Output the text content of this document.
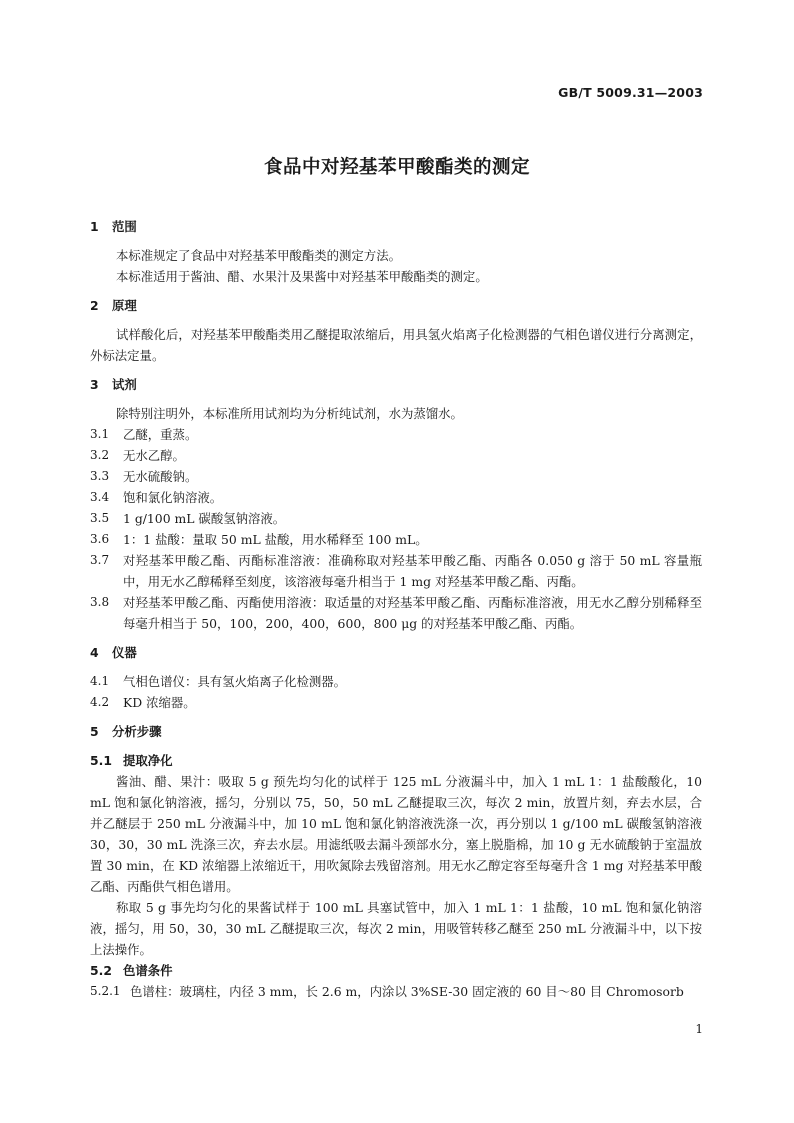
GB/T 5009.31—2003
食品中对羟基苯甲酸酯类的测定
1 范围

本标准规定了食品中对羟基苯甲酸酯类的测定方法。

本标准适用于酱油、醋、水果汁及果酱中对羟基苯甲酸酯类的测定。

2 原理

试样酸化后，对羟基苯甲酸酯类用乙醚提取浓缩后，用具氢火焰离子化检测器的气相色谱仪进行分离测定，外标法定量。

3 试剂

除特别注明外，本标准所用试剂均为分析纯试剂，水为蒸馏水。

3.1	乙醚，重蒸。
3.2	无水乙醇。
3.3	无水硫酸钠。
3.4	饱和氯化钠溶液。
3.5	1 g/100 mL 碳酸氢钠溶液。
3.6	1：1 盐酸：量取 50 mL 盐酸，用水稀释至 100 mL。
3.7	对羟基苯甲酸乙酯、丙酯标准溶液：准确称取对羟基苯甲酸乙酯、丙酯各 0.050 g 溶于 50 mL 容量瓶中，用无水乙醇稀释至刻度，该溶液每毫升相当于 1 mg 对羟基苯甲酸乙酯、丙酯。
3.8	对羟基苯甲酸乙酯、丙酯使用溶液：取适量的对羟基苯甲酸乙酯、丙酯标准溶液，用无水乙醇分别稀释至每毫升相当于 50，100，200，400，600，800 μg 的对羟基苯甲酸乙酯、丙酯。
4 仪器
4.1	气相色谱仪：具有氢火焰离子化检测器。
4.2	KD 浓缩器。
5 分析步骤
5.1 提取净化

酱油、醋、果汁：吸取 5 g 预先均匀化的试样于 125 mL 分液漏斗中，加入 1 mL 1：1 盐酸酸化，10 mL 饱和氯化钠溶液，摇匀，分别以 75，50，50 mL 乙醚提取三次，每次 2 min，放置片刻，弃去水层，合并乙醚层于 250 mL 分液漏斗中，加 10 mL 饱和氯化钠溶液洗涤一次，再分别以 1 g/100 mL 碳酸氢钠溶液 30，30，30 mL 洗涤三次，弃去水层。用滤纸吸去漏斗颈部水分，塞上脱脂棉，加 10 g 无水硫酸钠于室温放置 30 min，在 KD 浓缩器上浓缩近干，用吹氮除去残留溶剂。用无水乙醇定容至每毫升含 1 mg 对羟基苯甲酸乙酯、丙酯供气相色谱用。

称取 5 g 事先均匀化的果酱试样于 100 mL 具塞试管中，加入 1 mL 1：1 盐酸，10 mL 饱和氯化钠溶液，摇匀，用 50，30，30 mL 乙醚提取三次，每次 2 min，用吸管转移乙醚至 250 mL 分液漏斗中，以下按上法操作。

5.2 色谱条件
5.2.1 色谱柱：玻璃柱，内径 3 mm，长 2.6 m，内涂以 3%SE-30 固定液的 60 目～80 目 Chromosorb
1
